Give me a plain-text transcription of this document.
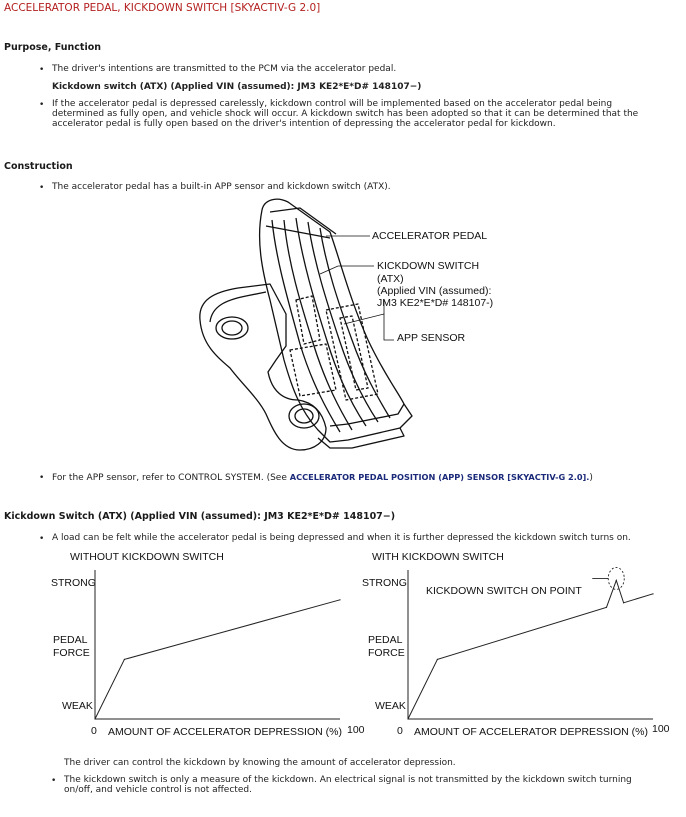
ACCELERATOR PEDAL, KICKDOWN SWITCH [SKYACTIV-G 2.0]
Purpose, Function
• The driver's intentions are transmitted to the PCM via the accelerator pedal.
Kickdown switch (ATX) (Applied VIN (assumed): JM3 KE2*E*D# 148107−)
• If the accelerator pedal is depressed carelessly, kickdown control will be implemented based on the accelerator pedal being determined as fully open, and vehicle shock will occur. A kickdown switch has been adopted so that it can be determined that the accelerator pedal is fully open based on the driver's intention of depressing the accelerator pedal for kickdown.
Construction
• The accelerator pedal has a built-in APP sensor and kickdown switch (ATX).
ACCELERATOR PEDAL
KICKDOWN SWITCH
(ATX)
(Applied VIN (assumed):
JM3 KE2*E*D# 148107-)
APP SENSOR
• For the APP sensor, refer to CONTROL SYSTEM. (See ACCELERATOR PEDAL POSITION (APP) SENSOR [SKYACTIV-G 2.0].)
Kickdown Switch (ATX) (Applied VIN (assumed): JM3 KE2*E*D# 148107−)
• A load can be felt while the accelerator pedal is being depressed and when it is further depressed the kickdown switch turns on.
WITHOUT KICKDOWN SWITCH
STRONG
PEDAL
FORCE
WEAK
0 AMOUNT OF ACCELERATOR DEPRESSION (%) 100
WITH KICKDOWN SWITCH
STRONG
PEDAL
FORCE
WEAK
0 AMOUNT OF ACCELERATOR DEPRESSION (%) 100
KICKDOWN SWITCH ON POINT
The driver can control the kickdown by knowing the amount of accelerator depression.
• The kickdown switch is only a measure of the kickdown. An electrical signal is not transmitted by the kickdown switch turning on/off, and vehicle control is not affected.
